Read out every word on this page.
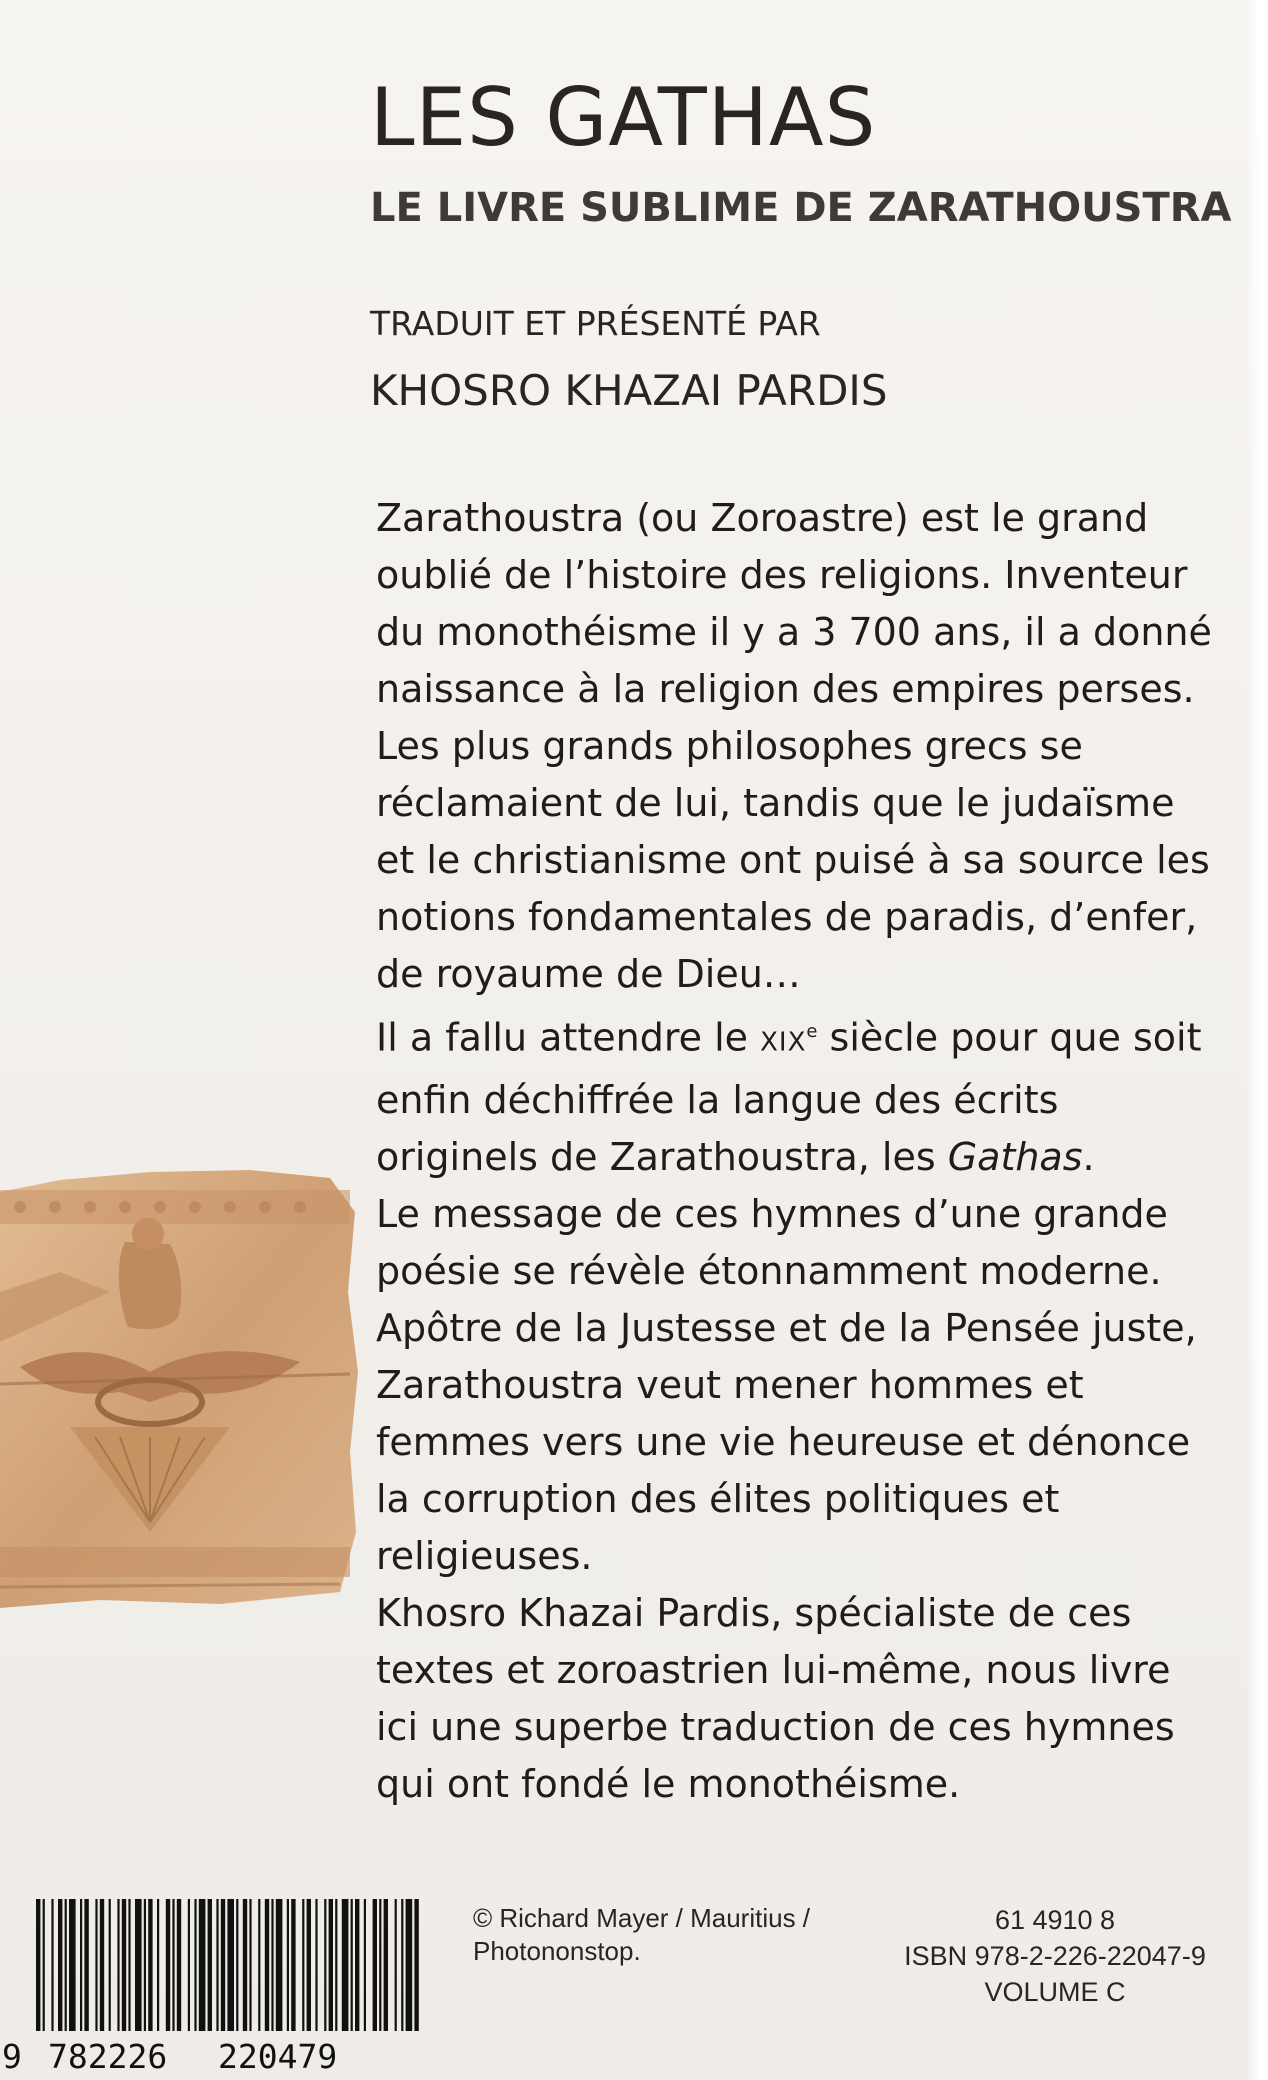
LES GATHAS
LE LIVRE SUBLIME DE ZARATHOUSTRA
TRADUIT ET PRÉSENTÉ PAR
KHOSRO KHAZAI PARDIS

Zarathoustra (ou Zoroastre) est le grand oublié de l’histoire des religions. Inventeur du monothéisme il y a 3 700 ans, il a donné naissance à la religion des empires perses.

Les plus grands philosophes grecs se réclamaient de lui, tandis que le judaïsme et le christianisme ont puisé à sa source les notions fondamentales de paradis, d’enfer, de royaume de Dieu…

Il a fallu attendre le XIXe siècle pour que soit enfin déchiffrée la langue des écrits originels de Zarathoustra, les Gathas.

Le message de ces hymnes d’une grande poésie se révèle étonnamment moderne.

Apôtre de la Justesse et de la Pensée juste, Zarathoustra veut mener hommes et femmes vers une vie heureuse et dénonce la corruption des élites politiques et religieuses.

Khosro Khazai Pardis, spécialiste de ces textes et zoroastrien lui-même, nous livre ici une superbe traduction de ces hymnes qui ont fondé le monothéisme.

9 782226 220479
© Richard Mayer / Mauritius /
Photononstop.
61 4910 8
ISBN 978-2-226-22047-9
VOLUME C
